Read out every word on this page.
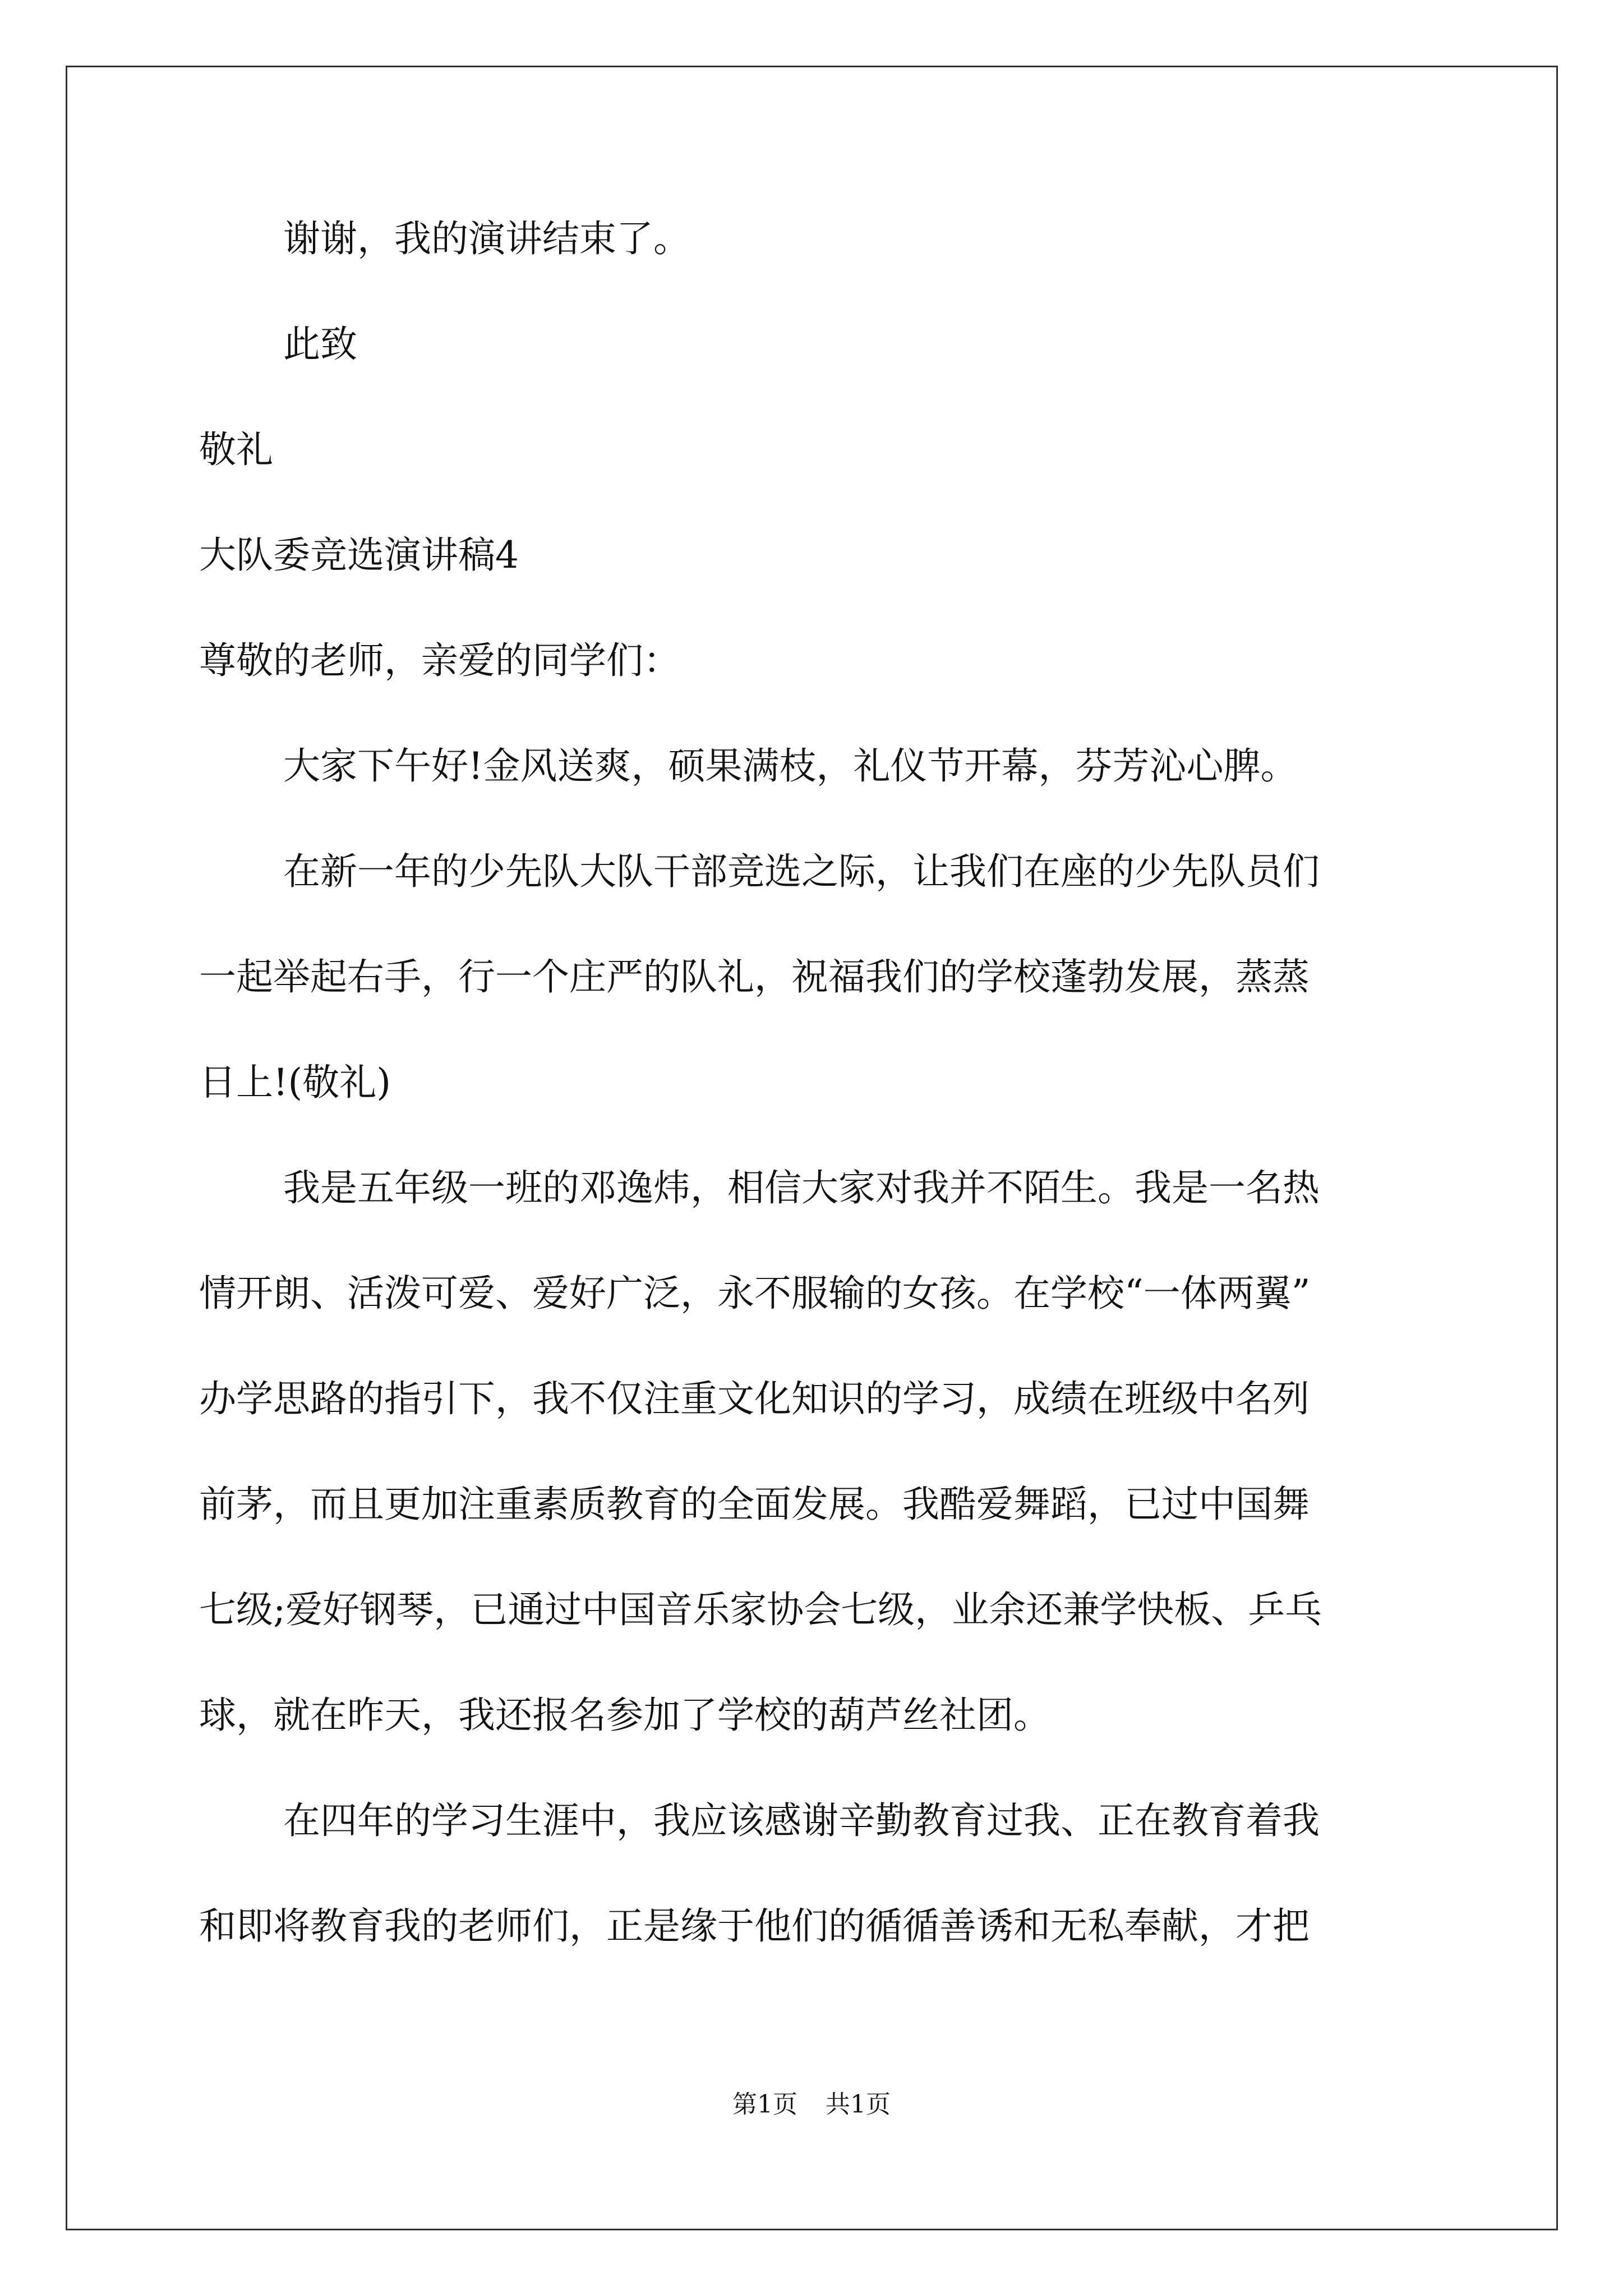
谢谢，我的演讲结束了。

此致

敬礼

大队委竞选演讲稿4

尊敬的老师，亲爱的同学们：

大家下午好!金风送爽，硕果满枝，礼仪节开幕，芬芳沁心脾。

在新一年的少先队大队干部竞选之际，让我们在座的少先队员们

一起举起右手，行一个庄严的队礼，祝福我们的学校蓬勃发展，蒸蒸

日上!(敬礼)

我是五年级一班的邓逸炜，相信大家对我并不陌生。我是一名热

情开朗、活泼可爱、爱好广泛，永不服输的女孩。在学校“一体两翼”

办学思路的指引下，我不仅注重文化知识的学习，成绩在班级中名列

前茅，而且更加注重素质教育的全面发展。我酷爱舞蹈，已过中国舞

七级;爱好钢琴，已通过中国音乐家协会七级，业余还兼学快板、乒乓

球，就在昨天，我还报名参加了学校的葫芦丝社团。

在四年的学习生涯中，我应该感谢辛勤教育过我、正在教育着我

和即将教育我的老师们，正是缘于他们的循循善诱和无私奉献，才把

第1页 共1页
